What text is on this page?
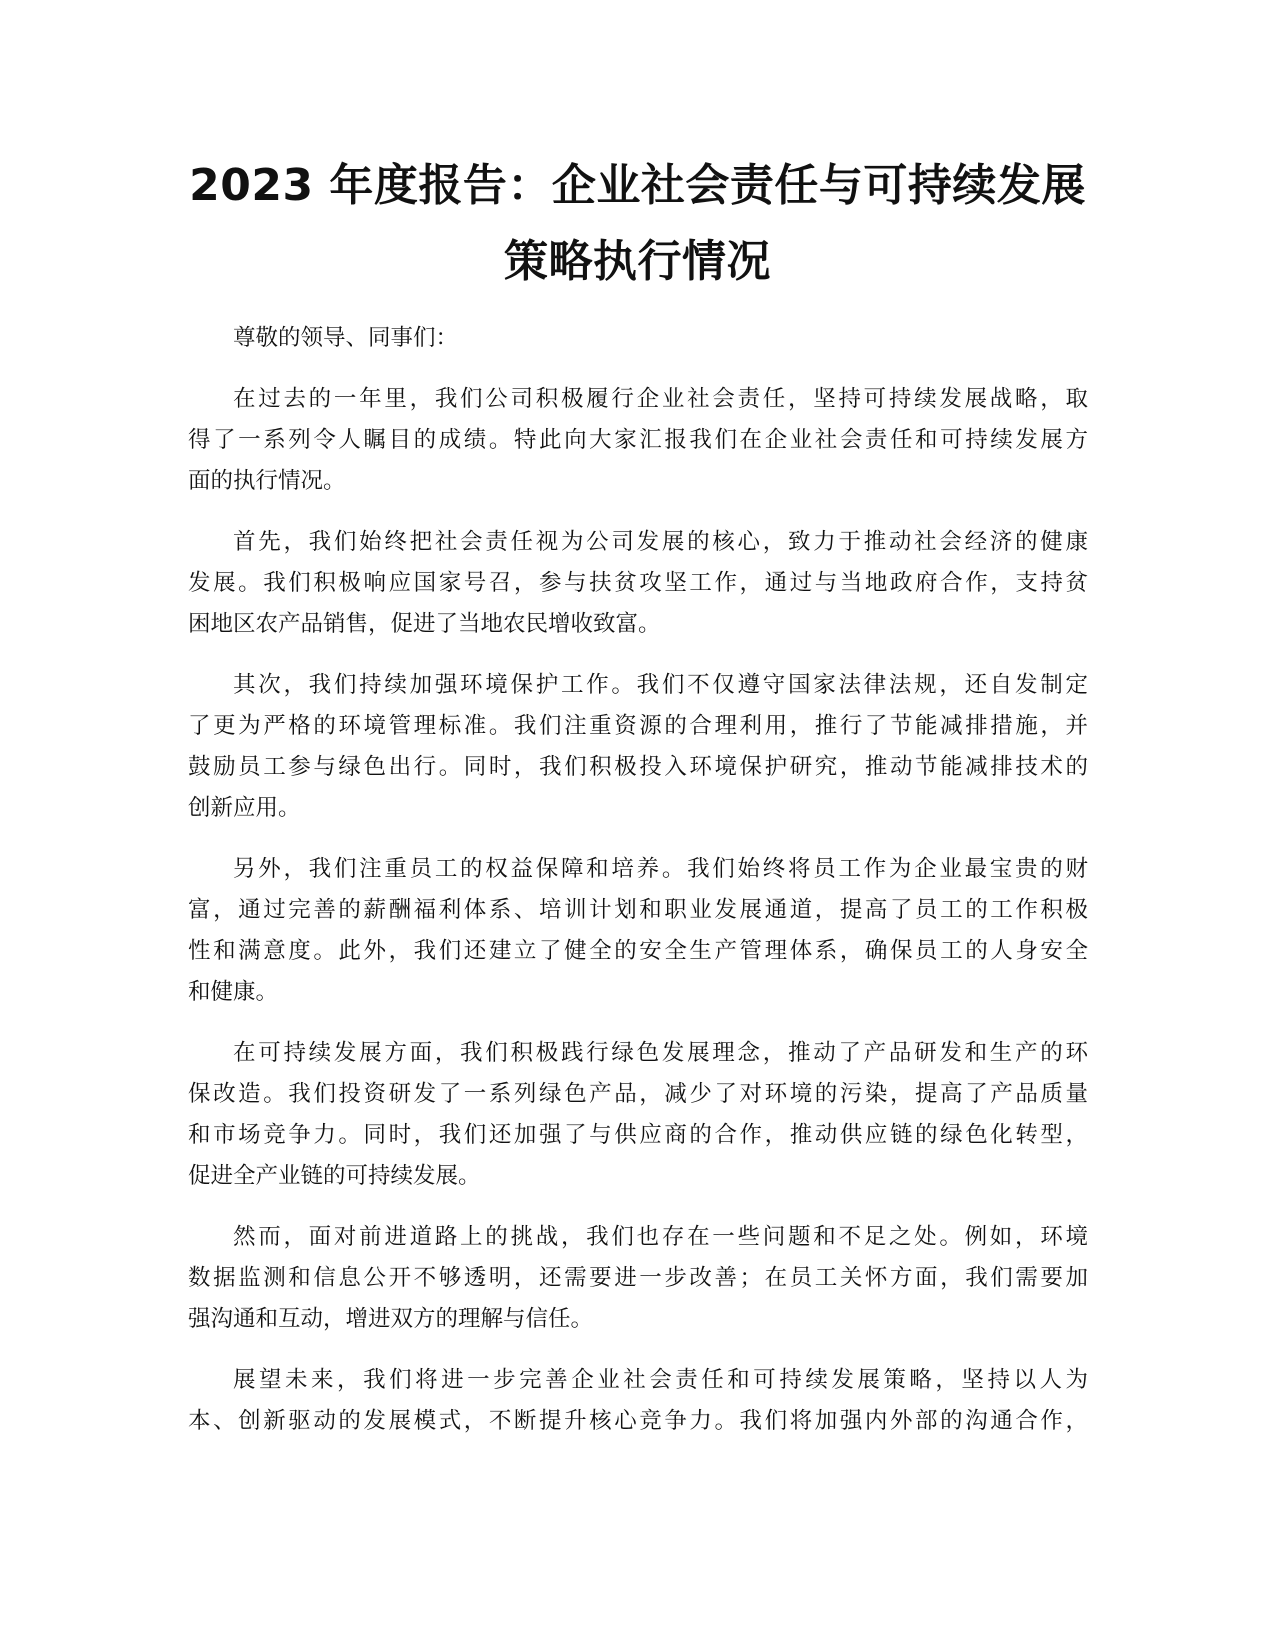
2023 年度报告：企业社会责任与可持续发展
策略执行情况

尊敬的领导、同事们：

在过去的一年里，我们公司积极履行企业社会责任，坚持可持续发展战略，取
得了一系列令人瞩目的成绩。特此向大家汇报我们在企业社会责任和可持续发展方
面的执行情况。

首先，我们始终把社会责任视为公司发展的核心，致力于推动社会经济的健康
发展。我们积极响应国家号召，参与扶贫攻坚工作，通过与当地政府合作，支持贫
困地区农产品销售，促进了当地农民增收致富。

其次，我们持续加强环境保护工作。我们不仅遵守国家法律法规，还自发制定
了更为严格的环境管理标准。我们注重资源的合理利用，推行了节能减排措施，并
鼓励员工参与绿色出行。同时，我们积极投入环境保护研究，推动节能减排技术的
创新应用。

另外，我们注重员工的权益保障和培养。我们始终将员工作为企业最宝贵的财
富，通过完善的薪酬福利体系、培训计划和职业发展通道，提高了员工的工作积极
性和满意度。此外，我们还建立了健全的安全生产管理体系，确保员工的人身安全
和健康。

在可持续发展方面，我们积极践行绿色发展理念，推动了产品研发和生产的环
保改造。我们投资研发了一系列绿色产品，减少了对环境的污染，提高了产品质量
和市场竞争力。同时，我们还加强了与供应商的合作，推动供应链的绿色化转型，
促进全产业链的可持续发展。

然而，面对前进道路上的挑战，我们也存在一些问题和不足之处。例如，环境
数据监测和信息公开不够透明，还需要进一步改善；在员工关怀方面，我们需要加
强沟通和互动，增进双方的理解与信任。

展望未来，我们将进一步完善企业社会责任和可持续发展策略，坚持以人为
本、创新驱动的发展模式，不断提升核心竞争力。我们将加强内外部的沟通合作，
